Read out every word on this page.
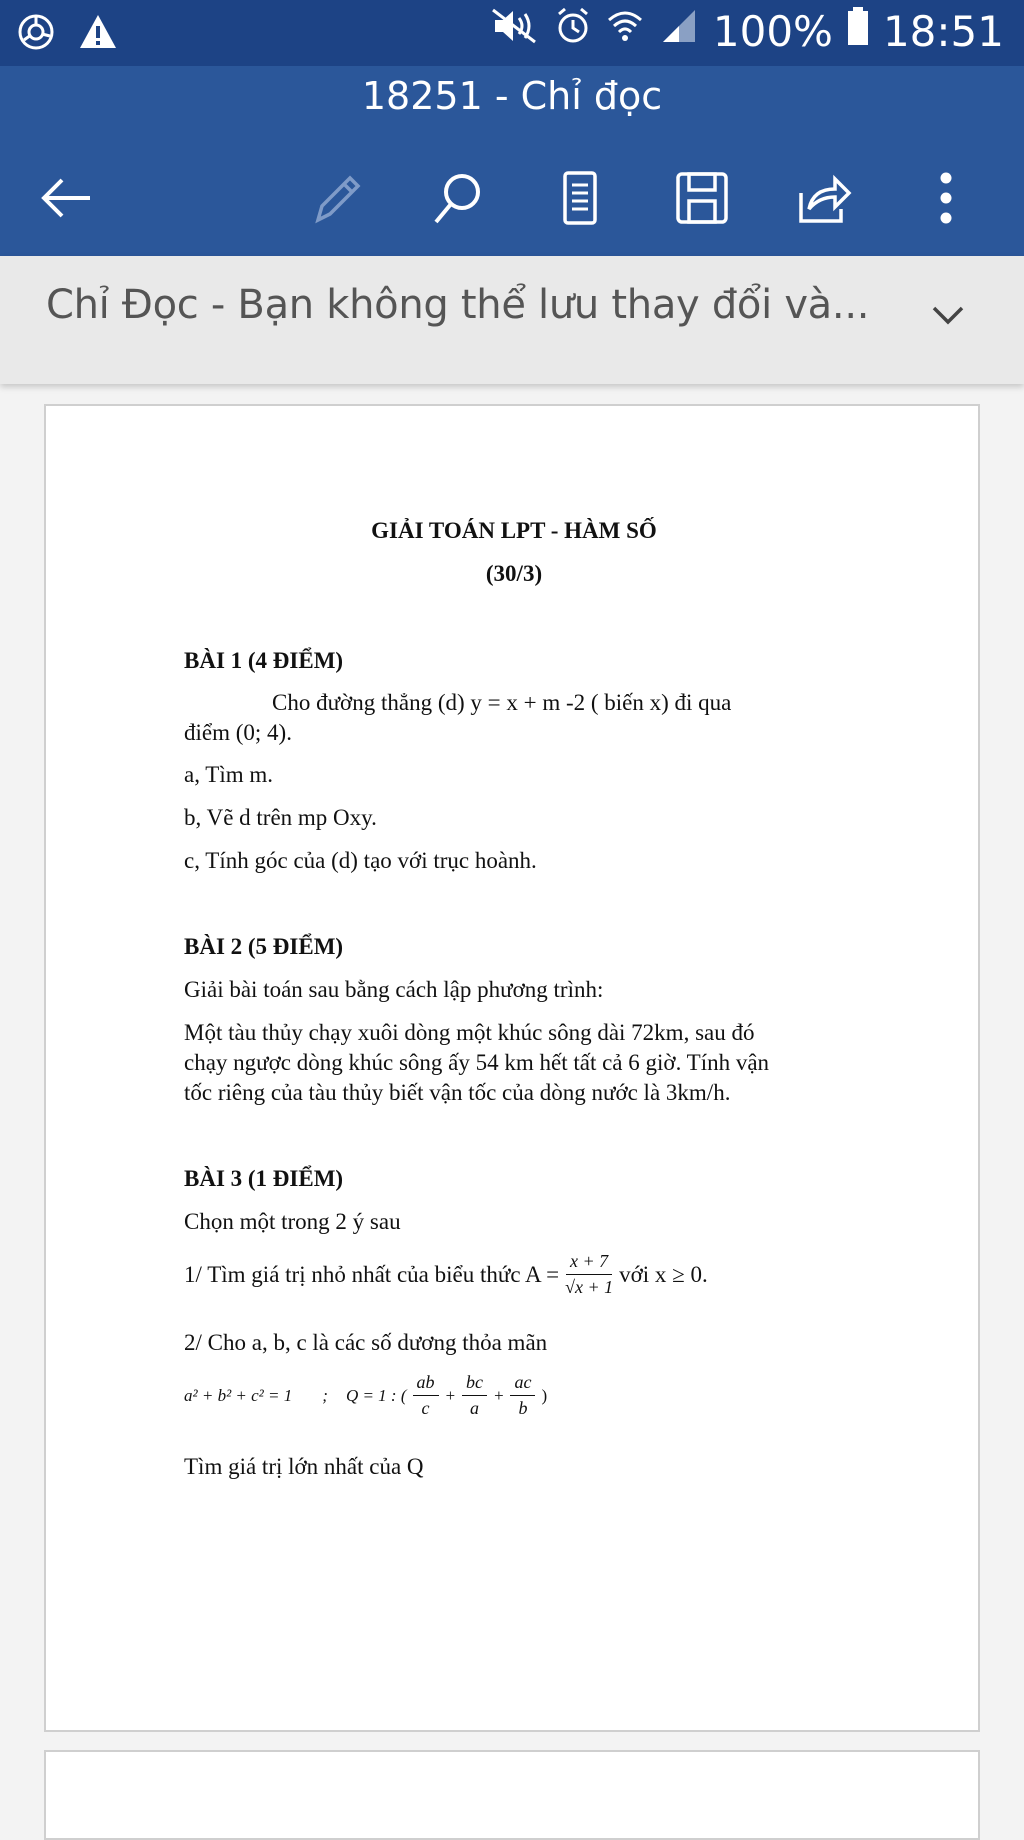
100% 18:51
18251 - Chỉ đọc
Chỉ Đọc - Bạn không thể lưu thay đổi và...
GIẢI TOÁN LPT - HÀM SỐ
(30/3)
BÀI 1 (4 ĐIỂM)
Cho đường thẳng (d) y = x + m -2 ( biến x) đi qua
điểm (0; 4).
a, Tìm m.
b, Vẽ d trên mp Oxy.
c, Tính góc của (d) tạo với trục hoành.
BÀI 2 (5 ĐIỂM)
Giải bài toán sau bằng cách lập phương trình:
Một tàu thủy chạy xuôi dòng một khúc sông dài 72km, sau đó
chạy ngược dòng khúc sông ấy 54 km hết tất cả 6 giờ. Tính vận
tốc riêng của tàu thủy biết vận tốc của dòng nước là 3km/h.
BÀI 3 (1 ĐIỂM)
Chọn một trong 2 ý sau
1/ Tìm giá trị nhỏ nhất của biểu thức $A = \frac{x + 7}{√x + 1}$ với x ≥ 0.
2/ Cho a, b, c là các số dương thỏa mãn
a² + b² + c² = 1 ; Q = 1 : ( $\frac{ab}{c} + \frac{bc}{a} + \frac{ac}{b}$ )
Tìm giá trị lớn nhất của Q
